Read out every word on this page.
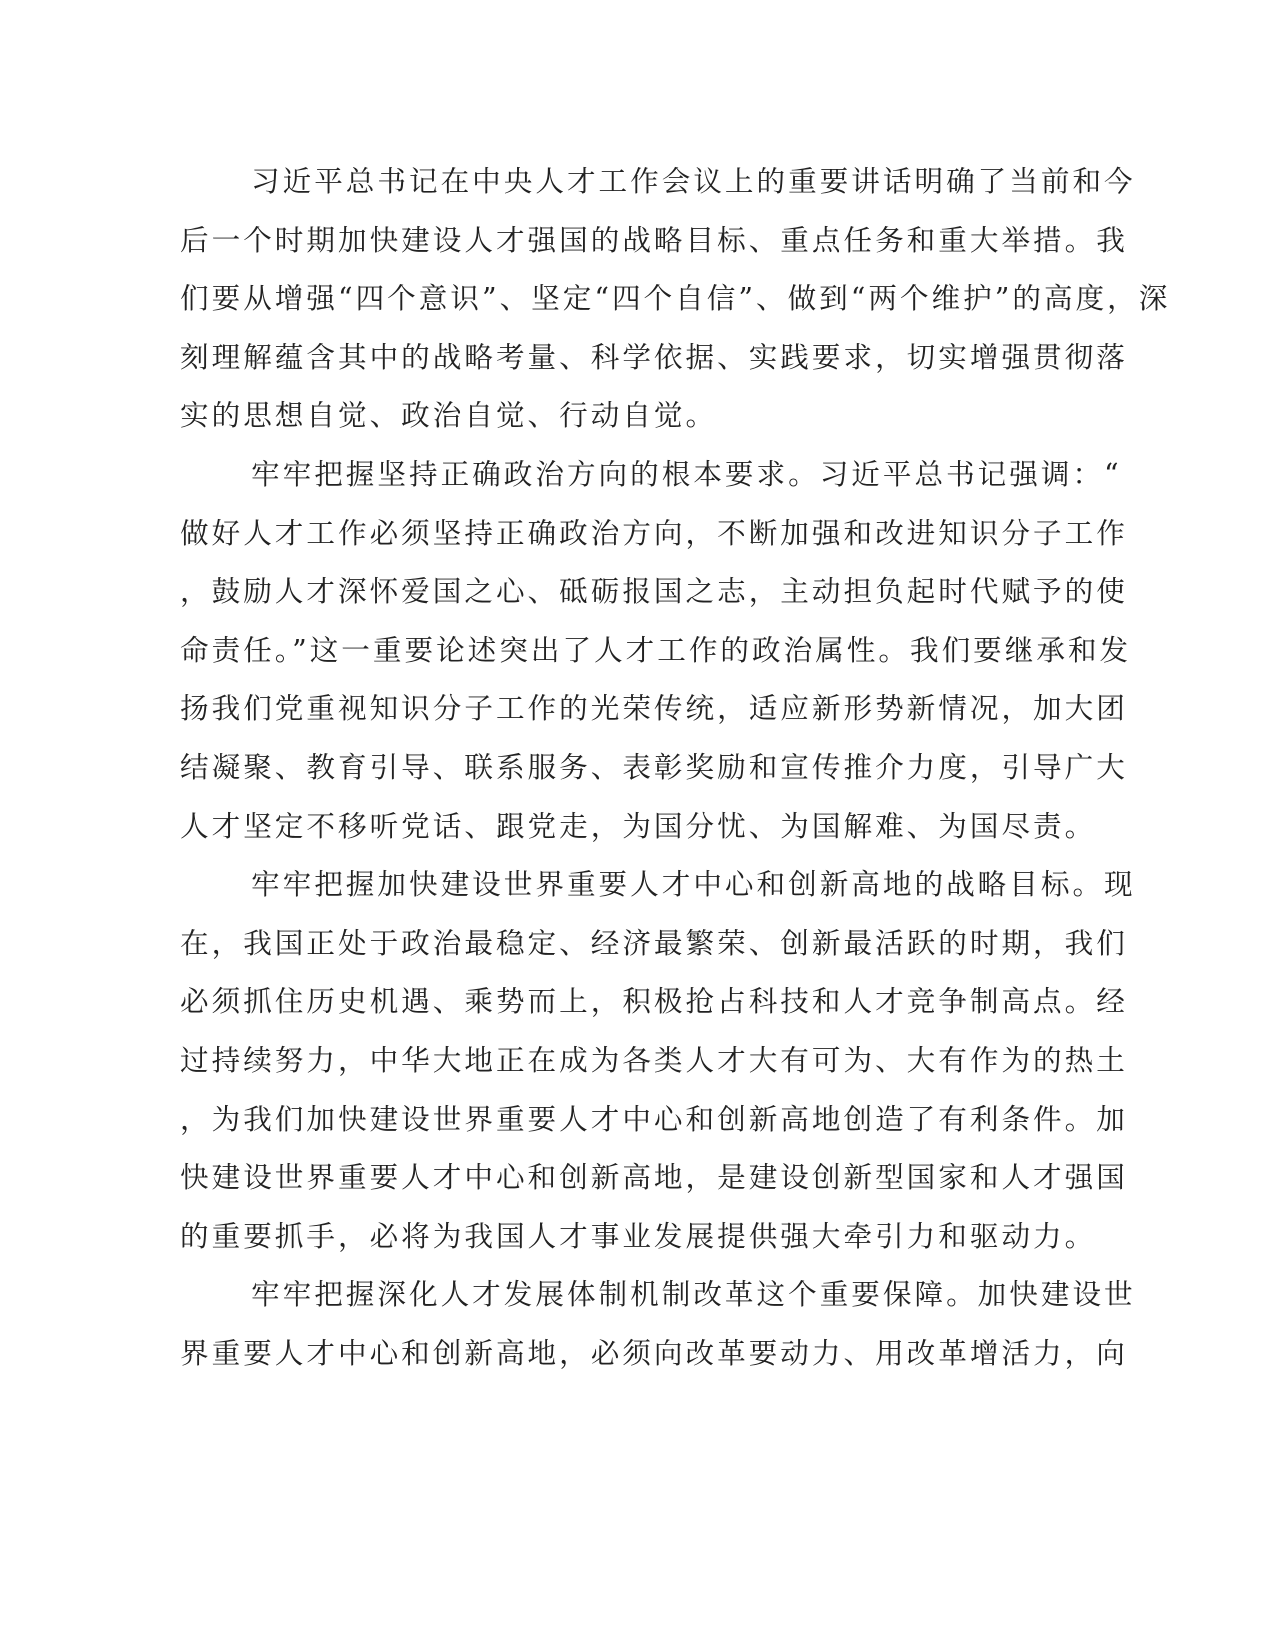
习近平总书记在中央人才工作会议上的重要讲话明确了当前和今
后一个时期加快建设人才强国的战略目标、重点任务和重大举措。我
们要从增强“四个意识”、坚定“四个自信”、做到“两个维护”的高度，深
刻理解蕴含其中的战略考量、科学依据、实践要求，切实增强贯彻落
实的思想自觉、政治自觉、行动自觉。
牢牢把握坚持正确政治方向的根本要求。习近平总书记强调：“
做好人才工作必须坚持正确政治方向，不断加强和改进知识分子工作
，鼓励人才深怀爱国之心、砥砺报国之志，主动担负起时代赋予的使
命责任。”这一重要论述突出了人才工作的政治属性。我们要继承和发
扬我们党重视知识分子工作的光荣传统，适应新形势新情况，加大团
结凝聚、教育引导、联系服务、表彰奖励和宣传推介力度，引导广大
人才坚定不移听党话、跟党走，为国分忧、为国解难、为国尽责。
牢牢把握加快建设世界重要人才中心和创新高地的战略目标。现
在，我国正处于政治最稳定、经济最繁荣、创新最活跃的时期，我们
必须抓住历史机遇、乘势而上，积极抢占科技和人才竞争制高点。经
过持续努力，中华大地正在成为各类人才大有可为、大有作为的热土
，为我们加快建设世界重要人才中心和创新高地创造了有利条件。加
快建设世界重要人才中心和创新高地，是建设创新型国家和人才强国
的重要抓手，必将为我国人才事业发展提供强大牵引力和驱动力。
牢牢把握深化人才发展体制机制改革这个重要保障。加快建设世
界重要人才中心和创新高地，必须向改革要动力、用改革增活力，向
